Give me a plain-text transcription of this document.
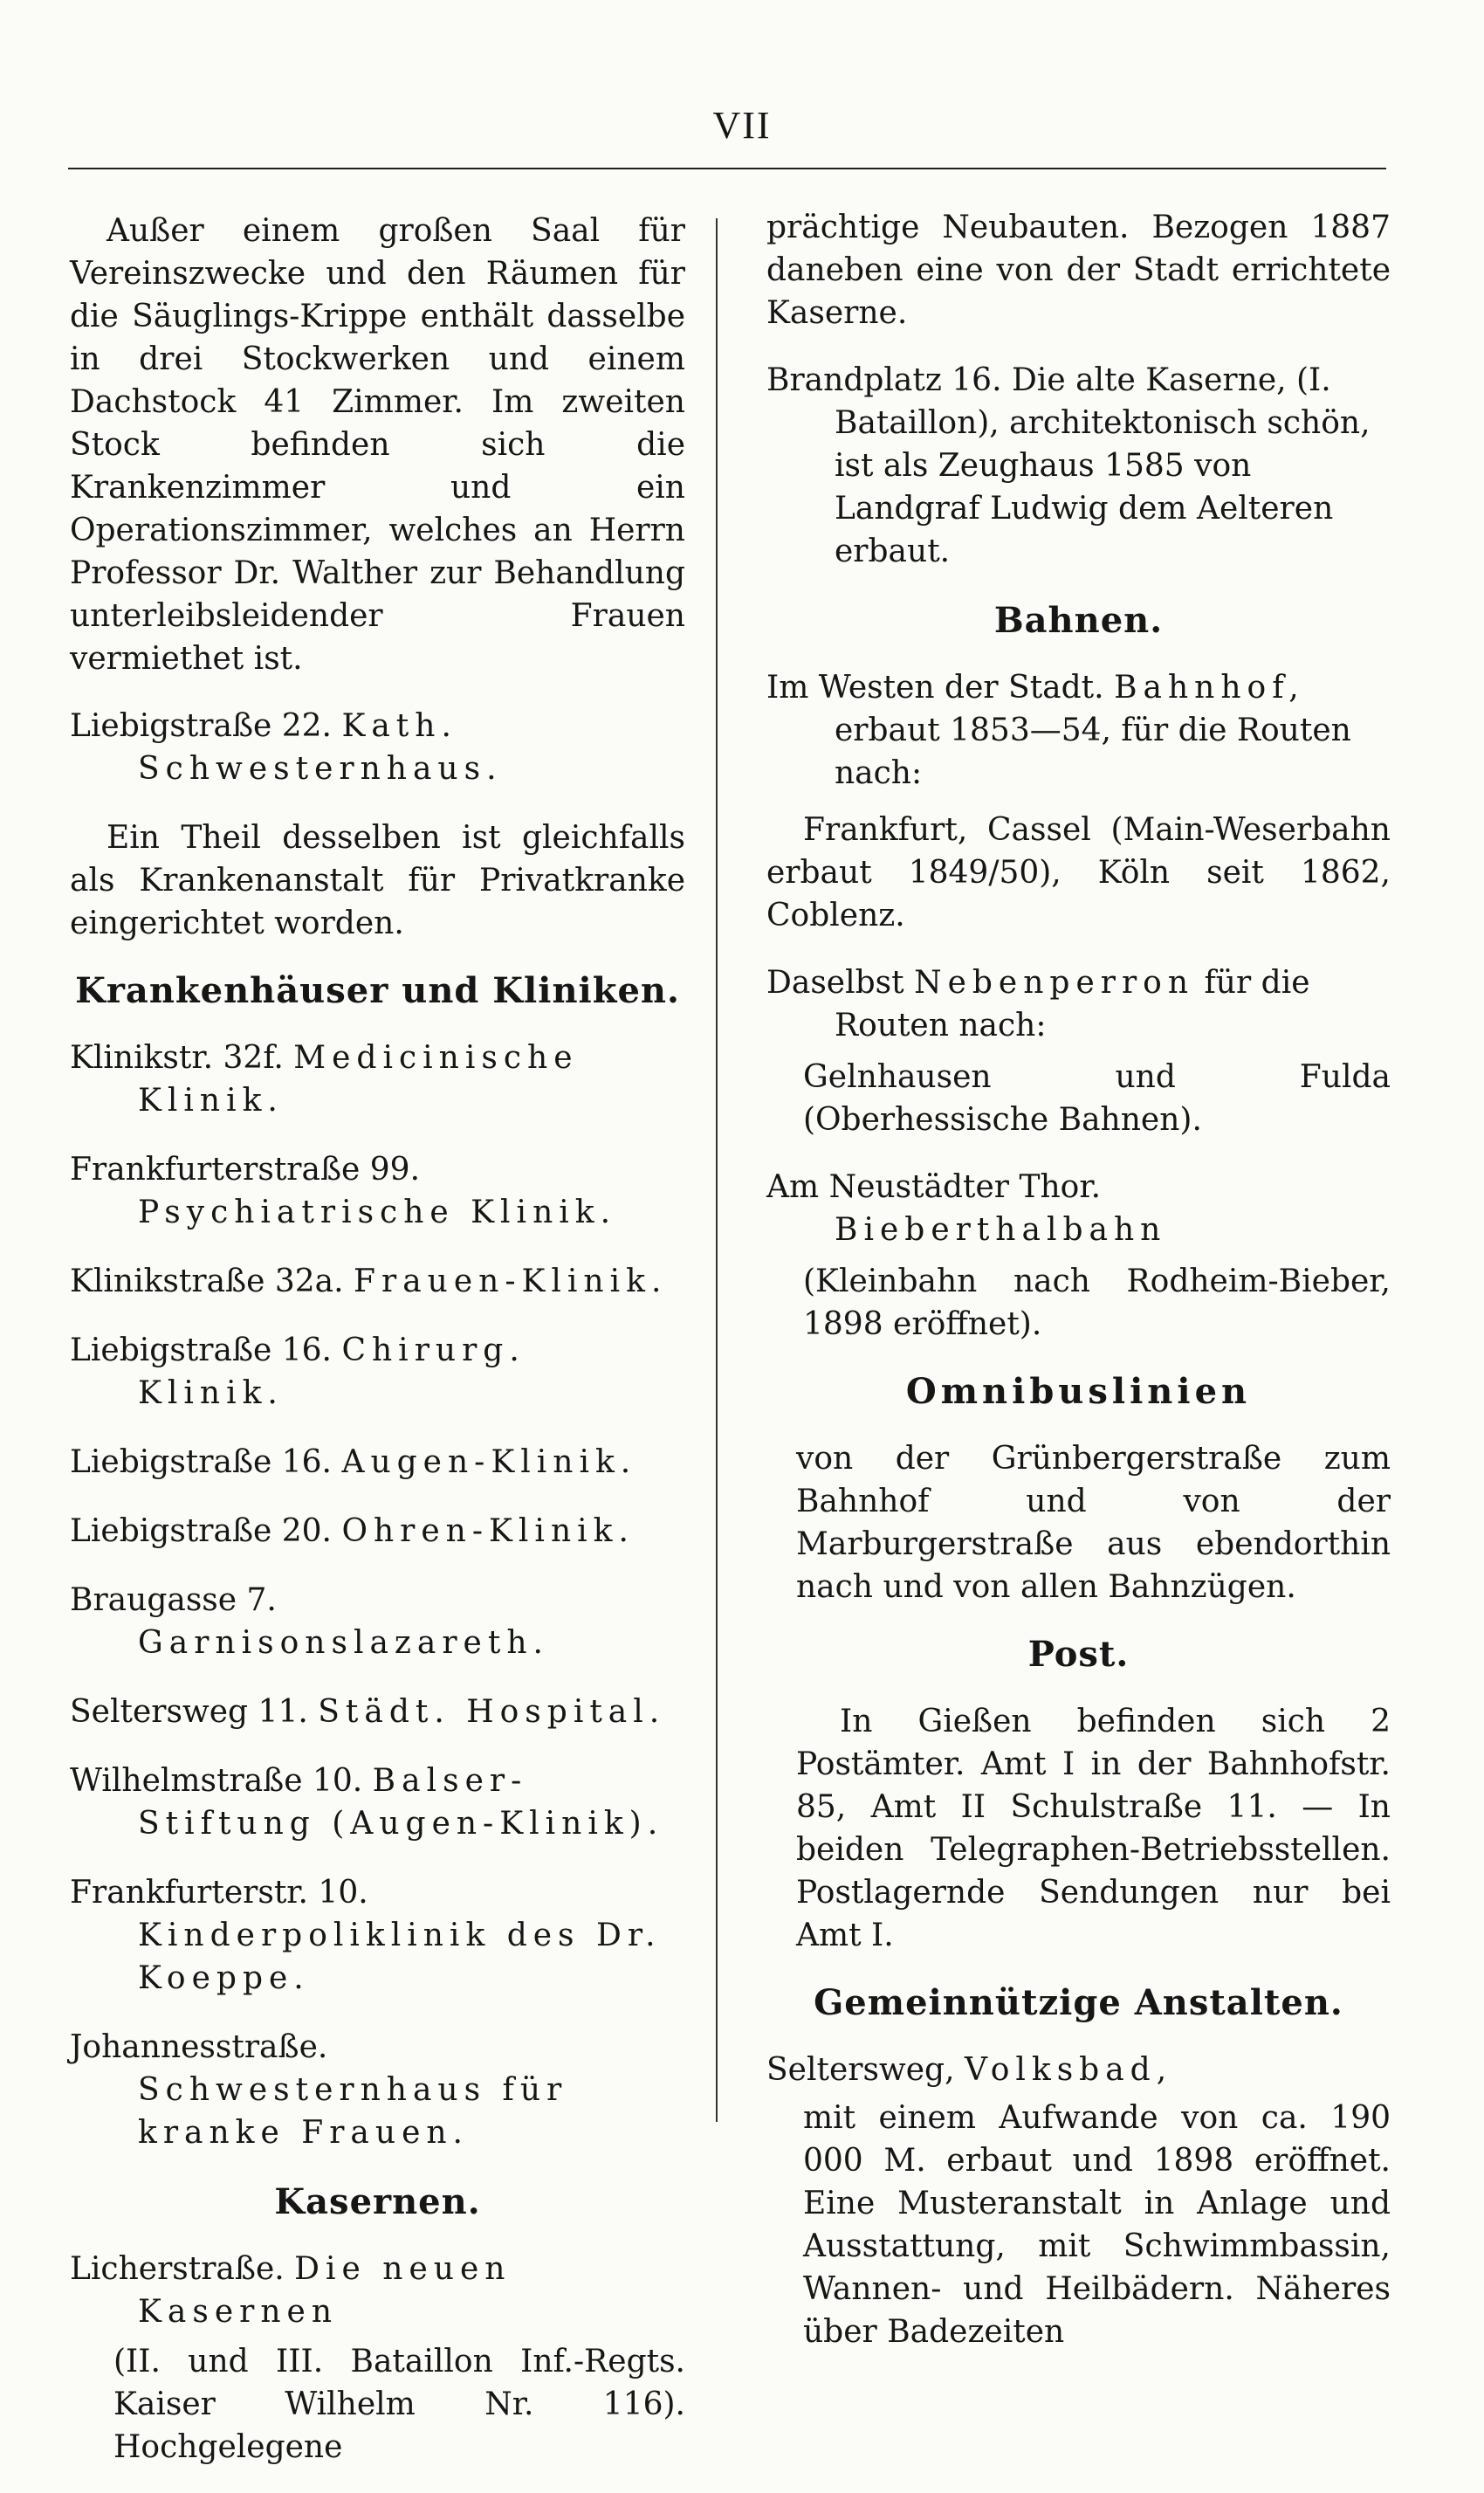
VII

Außer einem großen Saal für Vereinszwecke und den Räumen für die Säuglings-Krippe enthält dasselbe in drei Stockwerken und einem Dachstock 41 Zimmer. Im zweiten Stock befinden sich die Krankenzimmer und ein Operationszimmer, welches an Herrn Professor Dr. Walther zur Behandlung unterleibsleidender Frauen vermiethet ist.

Liebigstraße 22. Kath. Schwesternhaus.

Ein Theil desselben ist gleichfalls als Krankenanstalt für Privatkranke eingerichtet worden.

Krankenhäuser und Kliniken.

Klinikstr. 32f. Medicinische Klinik.

Frankfurterstraße 99. Psychiatrische Klinik.

Klinikstraße 32a. Frauen-Klinik.

Liebigstraße 16. Chirurg. Klinik.

Liebigstraße 16. Augen-Klinik.

Liebigstraße 20. Ohren-Klinik.

Braugasse 7. Garnisonslazareth.

Seltersweg 11. Städt. Hospital.

Wilhelmstraße 10. Balser-Stiftung (Augen-Klinik).

Frankfurterstr. 10. Kinderpoliklinik des Dr. Koeppe.

Johannesstraße. Schwesternhaus für kranke Frauen.

Kasernen.

Licherstraße. Die neuen Kasernen

(II. und III. Bataillon Inf.-Regts. Kaiser Wilhelm Nr. 116). Hochgelegene

prächtige Neubauten. Bezogen 1887 daneben eine von der Stadt errichtete Kaserne.

Brandplatz 16. Die alte Kaserne, (I. Bataillon), architektonisch schön, ist als Zeughaus 1585 von Landgraf Ludwig dem Aelteren erbaut.

Bahnen.

Im Westen der Stadt. Bahnhof, erbaut 1853—54, für die Routen nach:

Frankfurt, Cassel (Main-Weserbahn erbaut 1849/50), Köln seit 1862, Coblenz.

Daselbst Nebenperron für die Routen nach:

Gelnhausen und Fulda (Oberhessische Bahnen).

Am Neustädter Thor. Bieberthalbahn

(Kleinbahn nach Rodheim-Bieber, 1898 eröffnet).

Omnibuslinien

von der Grünbergerstraße zum Bahnhof und von der Marburgerstraße aus ebendorthin nach und von allen Bahnzügen.

Post.

In Gießen befinden sich 2 Postämter. Amt I in der Bahnhofstr. 85, Amt II Schulstraße 11. — In beiden Telegraphen-Betriebsstellen. Postlagernde Sendungen nur bei Amt I.

Gemeinnützige Anstalten.

Seltersweg, Volksbad,

mit einem Aufwande von ca. 190 000 M. erbaut und 1898 eröffnet. Eine Musteranstalt in Anlage und Ausstattung, mit Schwimmbassin, Wannen- und Heilbädern. Näheres über Badezeiten
